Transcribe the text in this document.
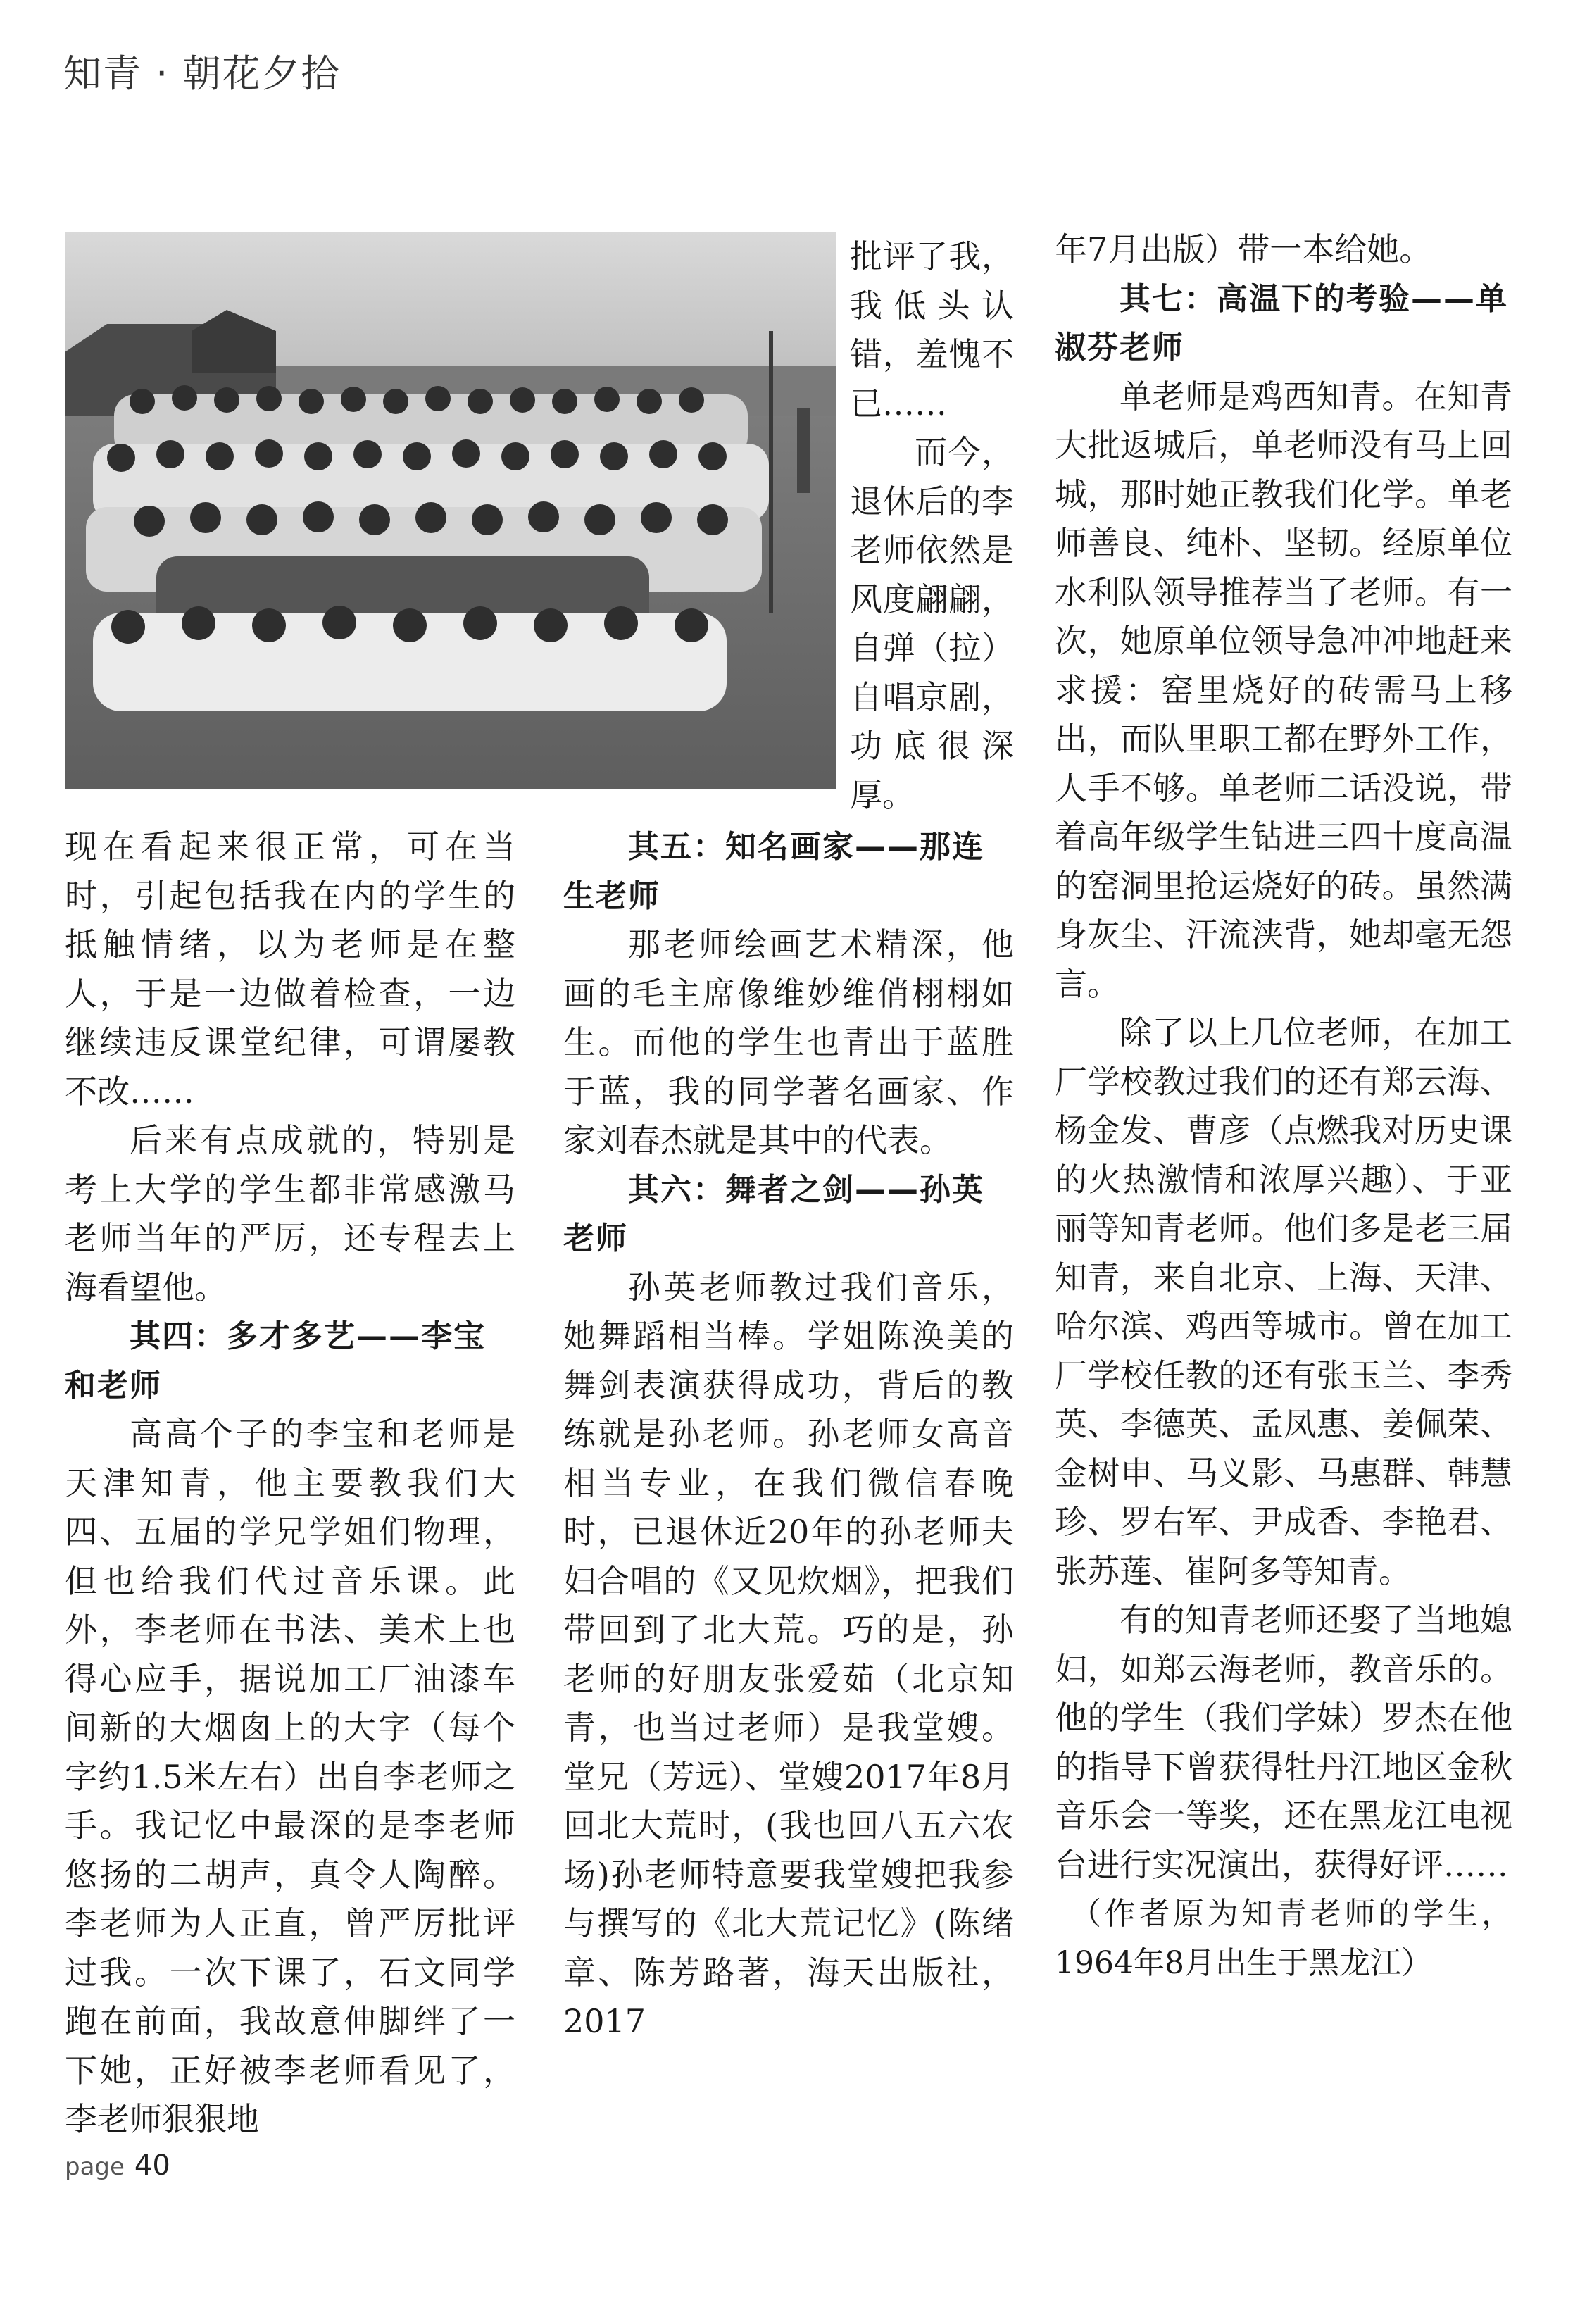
知青 · 朝花夕拾

批评了我，我低头认错，羞愧不已……

而今，退休后的李老师依然是风度翩翩，自弹（拉）自唱京剧，功底很深厚。

现在看起来很正常，可在当时，引起包括我在内的学生的抵触情绪，以为老师是在整人，于是一边做着检查，一边继续违反课堂纪律，可谓屡教不改……

后来有点成就的，特别是考上大学的学生都非常感激马老师当年的严厉，还专程去上海看望他。

其四：多才多艺——李宝和老师

高高个子的李宝和老师是天津知青，他主要教我们大四、五届的学兄学姐们物理，但也给我们代过音乐课。此外，李老师在书法、美术上也得心应手，据说加工厂油漆车间新的大烟囱上的大字（每个字约1.5米左右）出自李老师之手。我记忆中最深的是李老师悠扬的二胡声，真令人陶醉。李老师为人正直，曾严厉批评过我。一次下课了，石文同学跑在前面，我故意伸脚绊了一下她，正好被李老师看见了，李老师狠狠地

其五：知名画家——那连生老师

那老师绘画艺术精深，他画的毛主席像维妙维俏栩栩如生。而他的学生也青出于蓝胜于蓝，我的同学著名画家、作家刘春杰就是其中的代表。

其六：舞者之剑——孙英老师

孙英老师教过我们音乐，她舞蹈相当棒。学姐陈涣美的舞剑表演获得成功，背后的教练就是孙老师。孙老师女高音相当专业，在我们微信春晚时，已退休近20年的孙老师夫妇合唱的《又见炊烟》，把我们带回到了北大荒。巧的是，孙老师的好朋友张爱茹（北京知青，也当过老师）是我堂嫂。堂兄（芳远）、堂嫂2017年8月回北大荒时，(我也回八五六农场)孙老师特意要我堂嫂把我参与撰写的《北大荒记忆》(陈绪章、陈芳路著，海天出版社，2017

年7月出版）带一本给她。

其七：高温下的考验——单淑芬老师

单老师是鸡西知青。在知青大批返城后，单老师没有马上回城，那时她正教我们化学。单老师善良、纯朴、坚韧。经原单位水利队领导推荐当了老师。有一次，她原单位领导急冲冲地赶来求援：窑里烧好的砖需马上移出，而队里职工都在野外工作，人手不够。单老师二话没说，带着高年级学生钻进三四十度高温的窑洞里抢运烧好的砖。虽然满身灰尘、汗流浃背，她却毫无怨言。

除了以上几位老师，在加工厂学校教过我们的还有郑云海、杨金发、曹彦（点燃我对历史课的火热激情和浓厚兴趣）、于亚丽等知青老师。他们多是老三届知青，来自北京、上海、天津、哈尔滨、鸡西等城市。曾在加工厂学校任教的还有张玉兰、李秀英、李德英、孟凤惠、姜佩荣、金树申、马义影、马惠群、韩慧珍、罗右军、尹成香、李艳君、张苏莲、崔阿多等知青。

有的知青老师还娶了当地媳妇，如郑云海老师，教音乐的。他的学生（我们学妹）罗杰在他的指导下曾获得牡丹江地区金秋音乐会一等奖，还在黑龙江电视台进行实况演出，获得好评……

（作者原为知青老师的学生，1964年8月出生于黑龙江）

page 40
